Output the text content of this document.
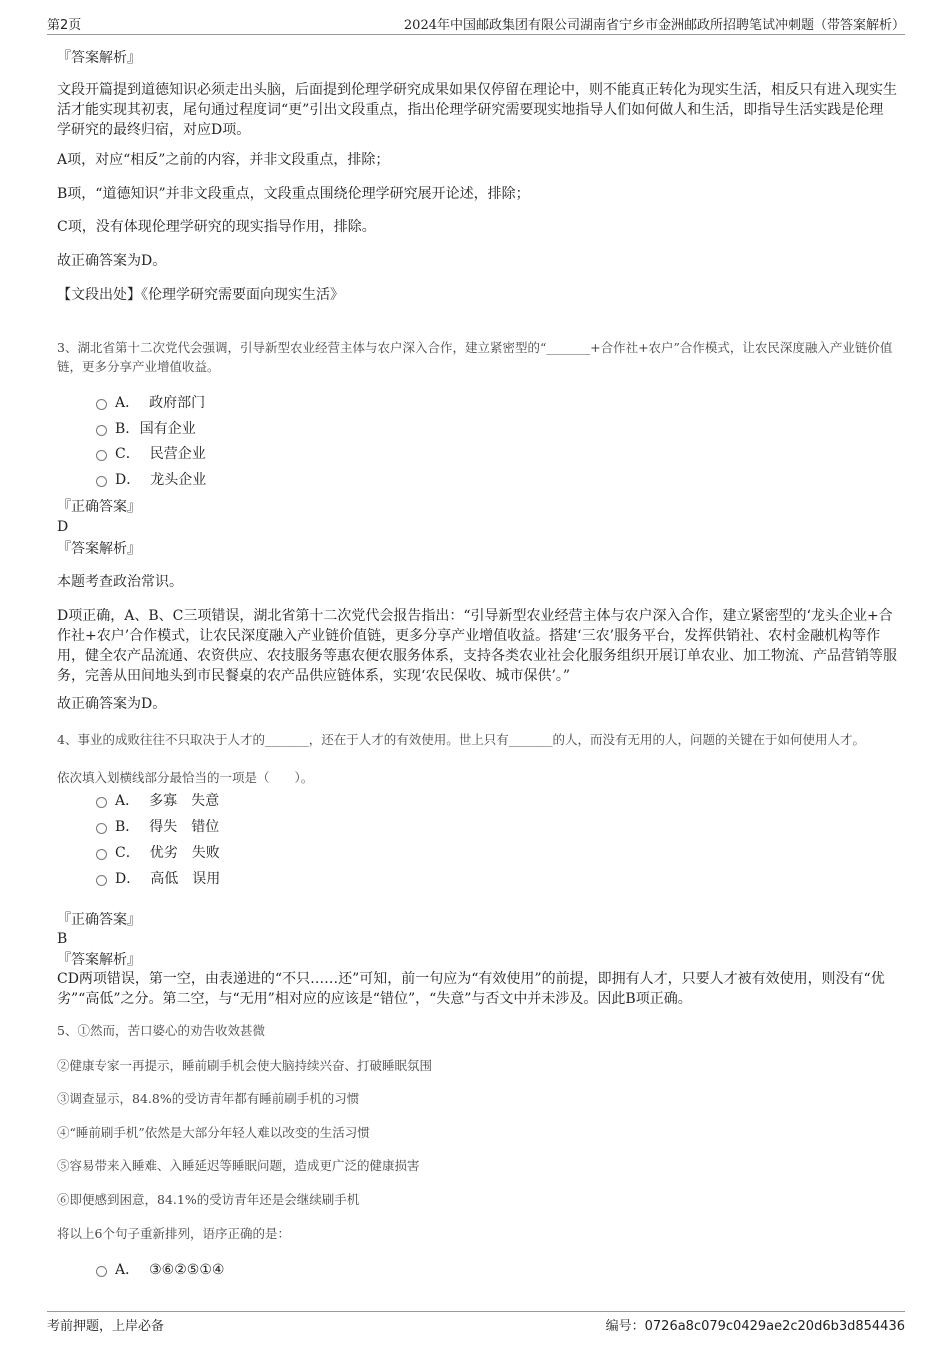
第2页	2024年中国邮政集团有限公司湖南省宁乡市金洲邮政所招聘笔试冲刺题（带答案解析）
『答案解析』
文段开篇提到道德知识必须走出头脑，后面提到伦理学研究成果如果仅停留在理论中，则不能真正转化为现实生活，相反只有进入现实生活才能实现其初衷，尾句通过程度词“更”引出文段重点，指出伦理学研究需要现实地指导人们如何做人和生活，即指导生活实践是伦理学研究的最终归宿，对应D项。
A项，对应“相反”之前的内容，并非文段重点，排除；
B项，“道德知识”并非文段重点，文段重点围绕伦理学研究展开论述，排除；
C项，没有体现伦理学研究的现实指导作用，排除。
故正确答案为D。
【文段出处】《伦理学研究需要面向现实生活》
3、湖北省第十二次党代会强调，引导新型农业经营主体与农户深入合作，建立紧密型的“_______+合作社+农户”合作模式，让农民深度融入产业链价值链，更多分享产业增值收益。
A． 政府部门
B. 国有企业
C． 民营企业
D． 龙头企业
『正确答案』
D
『答案解析』
本题考查政治常识。
D项正确，A、B、C三项错误，湖北省第十二次党代会报告指出：“引导新型农业经营主体与农户深入合作，建立紧密型的‘龙头企业+合作社+农户’合作模式，让农民深度融入产业链价值链，更多分享产业增值收益。搭建‘三农’服务平台，发挥供销社、农村金融机构等作用，健全农产品流通、农资供应、农技服务等惠农便农服务体系，支持各类农业社会化服务组织开展订单农业、加工物流、产品营销等服务，完善从田间地头到市民餐桌的农产品供应链体系，实现‘农民保收、城市保供’。”
故正确答案为D。
4、事业的成败往往不只取决于人才的_______，还在于人才的有效使用。世上只有_______的人，而没有无用的人，问题的关键在于如何使用人才。
依次填入划横线部分最恰当的一项是（　　）。
A． 多寡　失意
B． 得失　错位
C． 优劣　失败
D． 高低　误用
『正确答案』
B
『答案解析』
CD两项错误，第一空，由表递进的“不只……还”可知，前一句应为“有效使用”的前提，即拥有人才，只要人才被有效使用，则没有“优劣”“高低”之分。第二空，与“无用”相对应的应该是“错位”，“失意”与否文中并未涉及。因此B项正确。
5、①然而，苦口婆心的劝告收效甚微
②健康专家一再提示，睡前刷手机会使大脑持续兴奋、打破睡眠氛围
③调查显示，84.8%的受访青年都有睡前刷手机的习惯
④“睡前刷手机”依然是大部分年轻人难以改变的生活习惯
⑤容易带来入睡难、入睡延迟等睡眠问题，造成更广泛的健康损害
⑥即便感到困意，84.1%的受访青年还是会继续刷手机
将以上6个句子重新排列，语序正确的是：
A． ③⑥②⑤①④
考前押题，上岸必备	编号：0726a8c079c0429ae2c20d6b3d854436
